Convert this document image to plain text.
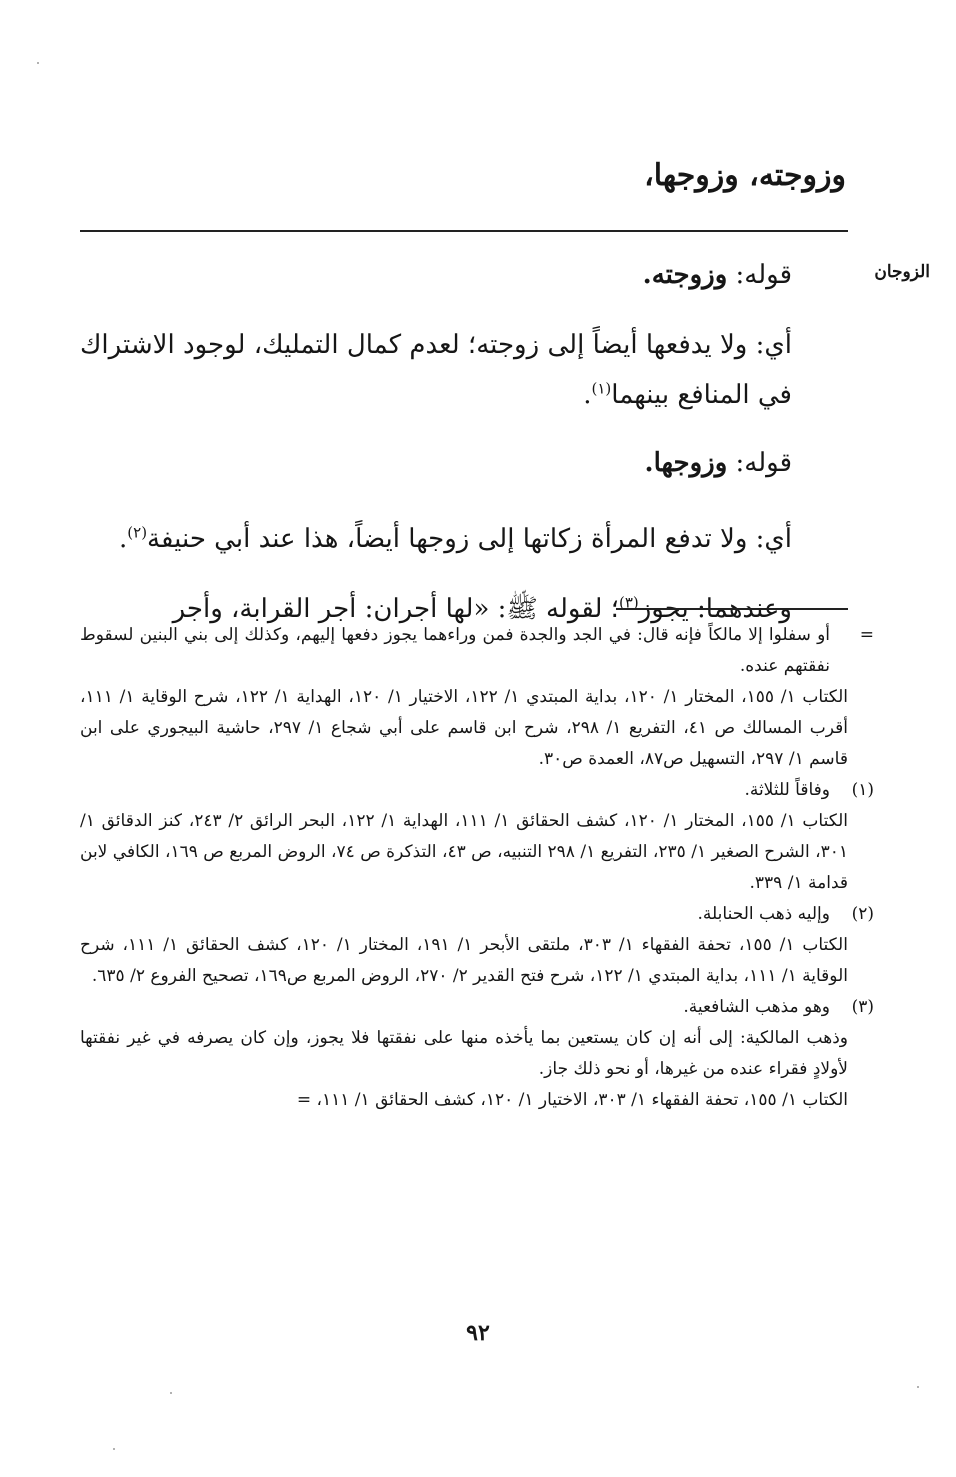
وزوجته، وزوجها،
الزوجان

قوله: وزوجته.

أي: ولا يدفعها أيضاً إلى زوجته؛ لعدم كمال التمليك، لوجود الاشتراك في المنافع بينهما$^{(١)}$.

قوله: وزوجها.

أي: ولا تدفع المرأة زكاتها إلى زوجها أيضاً، هذا عند أبي حنيفة$^{(٢)}$.

وعندهما: يجوز$^{(٣)}$؛ لقوله ﷺ: «لها أجران: أجر القرابة، وأجر

=

أو سفلوا إلا مالكاً فإنه قال: في الجد والجدة فمن وراءهما يجوز دفعها إليهم، وكذلك إلى بني البنين لسقوط نفقتهم عنده.

الكتاب ١/ ١٥٥، المختار ١/ ١٢٠، بداية المبتدي ١/ ١٢٢، الاختيار ١/ ١٢٠، الهداية ١/ ١٢٢، شرح الوقاية ١/ ١١١، أقرب المسالك ص ٤١، التفريع ١/ ٢٩٨، شرح ابن قاسم على أبي شجاع ١/ ٢٩٧، حاشية البيجوري على ابن قاسم ١/ ٢٩٧، التسهيل ص٨٧، العمدة ص٣٠.

(١)

وفاقاً للثلاثة.

الكتاب ١/ ١٥٥، المختار ١/ ١٢٠، كشف الحقائق ١/ ١١١، الهداية ١/ ١٢٢، البحر الرائق ٢/ ٢٤٣، كنز الدقائق ١/ ٣٠١، الشرح الصغير ١/ ٢٣٥، التفريع ١/ ٢٩٨ التنبيه، ص ٤٣، التذكرة ص ٧٤، الروض المربع ص ١٦٩، الكافي لابن قدامة ١/ ٣٣٩.

(٢)

وإليه ذهب الحنابلة.

الكتاب ١/ ١٥٥، تحفة الفقهاء ١/ ٣٠٣، ملتقى الأبحر ١/ ١٩١، المختار ١/ ١٢٠، كشف الحقائق ١/ ١١١، شرح الوقاية ١/ ١١١، بداية المبتدي ١/ ١٢٢، شرح فتح القدير ٢/ ٢٧٠، الروض المربع ص١٦٩، تصحيح الفروع ٢/ ٦٣٥.

(٣)

وهو مذهب الشافعية.

وذهب المالكية: إلى أنه إن كان يستعين بما يأخذه منها على نفقتها فلا يجوز، وإن كان يصرفه في غير نفقتها لأولادٍ فقراء عنده من غيرها، أو نحو ذلك جاز.

الكتاب ١/ ١٥٥، تحفة الفقهاء ١/ ٣٠٣، الاختيار ١/ ١٢٠، كشف الحقائق ١/ ١١١، =

٩٢
